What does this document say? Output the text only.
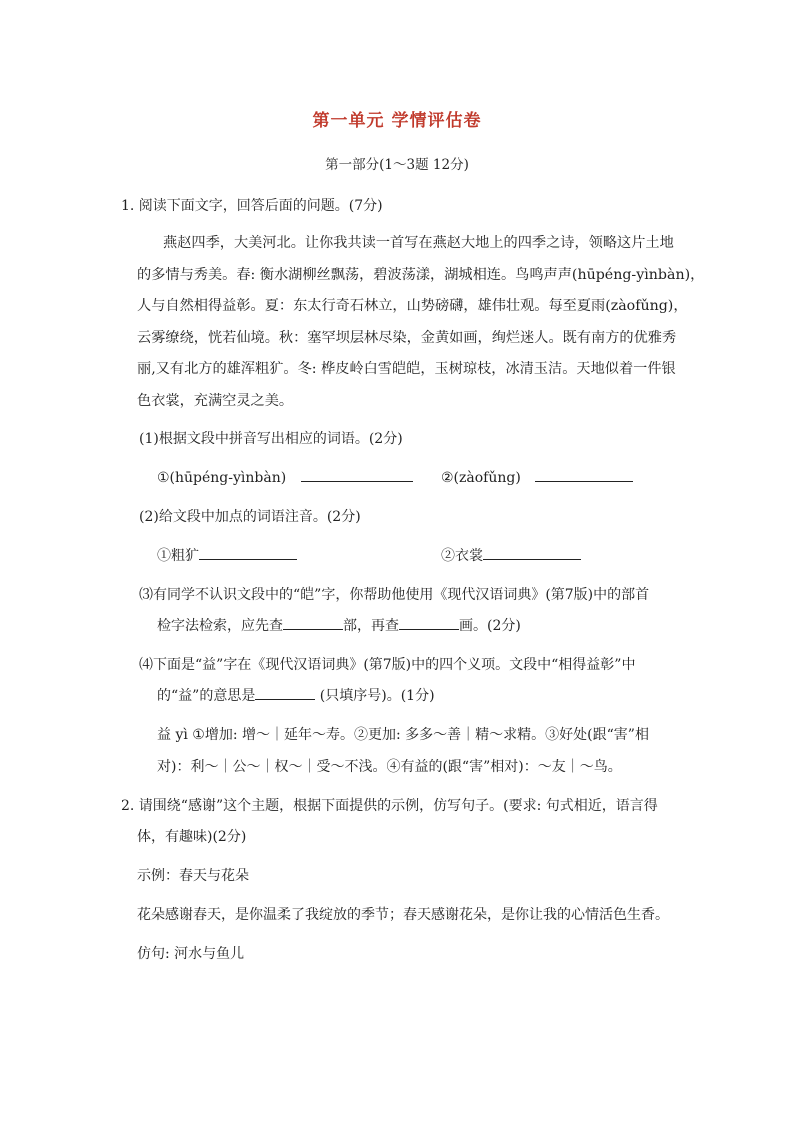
第一单元 学情评估卷
第一部分(1～3题 12分)
1. 阅读下面文字，回答后面的问题。(7分)
燕赵四季，大美河北。让你我共读一首写在燕赵大地上的四季之诗，领略这片土地
的多情与秀美。春: 衡水湖柳丝飘荡，碧波荡漾，湖城相连。鸟鸣声声(hūpéng-yìnbàn)，
人与自然相得益彰。夏：东太行奇石林立，山势磅礴，雄伟壮观。每至夏雨(zàofǔng)，
云雾缭绕，恍若仙境。秋：塞罕坝层林尽染，金黄如画，绚烂迷人。既有南方的优雅秀
丽,又有北方的雄浑粗犷。冬: 桦皮岭白雪皑皑，玉树琼枝，冰清玉洁。天地似着一件银
色衣裳，充满空灵之美。
(1)根据文段中拼音写出相应的词语。(2分)
①(hūpéng-yìnbàn)	②(zàofǔng)
(2)给文段中加点的词语注音。(2分)
①粗犷	②衣裳
⑶有同学不认识文段中的“皑”字，你帮助他使用《现代汉语词典》(第7版)中的部首
检字法检索，应先查	部，再查	画。(2分)
⑷下面是“益”字在《现代汉语词典》(第7版)中的四个义项。文段中“相得益彰”中
的“益”的意思是	(只填序号)。(1分)
益 yì ①增加: 增～｜延年～寿。②更加: 多多～善｜精～求精。③好处(跟“害”相
对)：利～｜公～｜权～｜受～不浅。④有益的(跟“害”相对)：～友｜～鸟。
2. 请围绕“感谢”这个主题，根据下面提供的示例，仿写句子。(要求: 句式相近，语言得
体，有趣味)(2分)
示例：春天与花朵
花朵感谢春天，是你温柔了我绽放的季节；春天感谢花朵，是你让我的心情活色生香。
仿句: 河水与鱼儿
